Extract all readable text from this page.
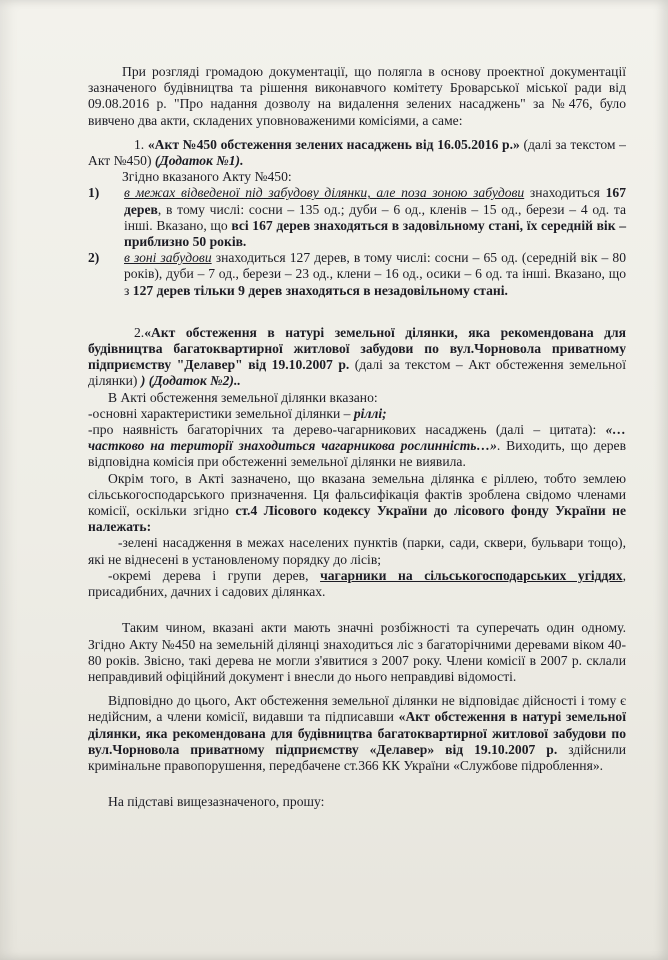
При розгляді громадою документації, що полягла в основу проектної документації зазначеного будівництва та рішення виконавчого комітету Броварської міської ради від 09.08.2016 р. "Про надання дозволу на видалення зелених насаджень" за №476, було вивчено два акти, складених уповноваженими комісіями, а саме:

1. «Акт №450 обстеження зелених насаджень від 16.05.2016 р.» (далі за текстом – Акт №450) (Додаток №1).

Згідно вказаного Акту №450:

1)	в межах відведеної під забудову ділянки, але поза зоною забудови знаходиться 167 дерев, в тому числі: сосни – 135 од.; дуби – 6 од., кленів – 15 од., берези – 4 од. та інші. Вказано, що всі 167 дерев знаходяться в задовільному стані, їх середній вік – приблизно 50 років.
2)	в зоні забудови знаходиться 127 дерев, в тому числі: сосни – 65 од. (середній вік – 80 років), дуби – 7 од., берези – 23 од., клени – 16 од., осики – 6 од. та інші. Вказано, що з 127 дерев тільки 9 дерев знаходяться в незадовільному стані.

2.«Акт обстеження в натурі земельної ділянки, яка рекомендована для будівництва багатоквартирної житлової забудови по вул.Чорновола приватному підприємству "Делавер" від 19.10.2007 р. (далі за текстом – Акт обстеження земельної ділянки) ) (Додаток №2)..

В Акті обстеження земельної ділянки вказано:

-основні характеристики земельної ділянки – ріллі;

-про наявність багаторічних та дерево-чагарникових насаджень (далі – цитата): «…частково на території знаходиться чагарникова рослинність…». Виходить, що дерев відповідна комісія при обстеженні земельної ділянки не виявила.

Окрім того, в Акті зазначено, що вказана земельна ділянка є ріллею, тобто землею сільськогосподарського призначення. Ця фальсифікація фактів зроблена свідомо членами комісії, оскільки згідно ст.4 Лісового кодексу України до лісового фонду України не належать:

-зелені насадження в межах населених пунктів (парки, сади, сквери, бульвари тощо), які не віднесені в установленому порядку до лісів;

-окремі дерева і групи дерев, чагарники на сільськогосподарських угіддях, присадибних, дачних і садових ділянках.

Таким чином, вказані акти мають значні розбіжності та суперечать один одному. Згідно Акту №450 на земельній ділянці знаходиться ліс з багаторічними деревами віком 40-80 років. Звісно, такі дерева не могли з'явитися з 2007 року. Члени комісії в 2007 р. склали неправдивий офіційний документ і внесли до нього неправдиві відомості.

Відповідно до цього, Акт обстеження земельної ділянки не відповідає дійсності і тому є недійсним, а члени комісії, видавши та підписавши «Акт обстеження в натурі земельної ділянки, яка рекомендована для будівництва багатоквартирної житлової забудови по вул.Чорновола приватному підприємству «Делавер» від 19.10.2007 р. здійснили кримінальне правопорушення, передбачене ст.366 КК України «Службове підроблення».

На підставі вищезазначеного, прошу:
